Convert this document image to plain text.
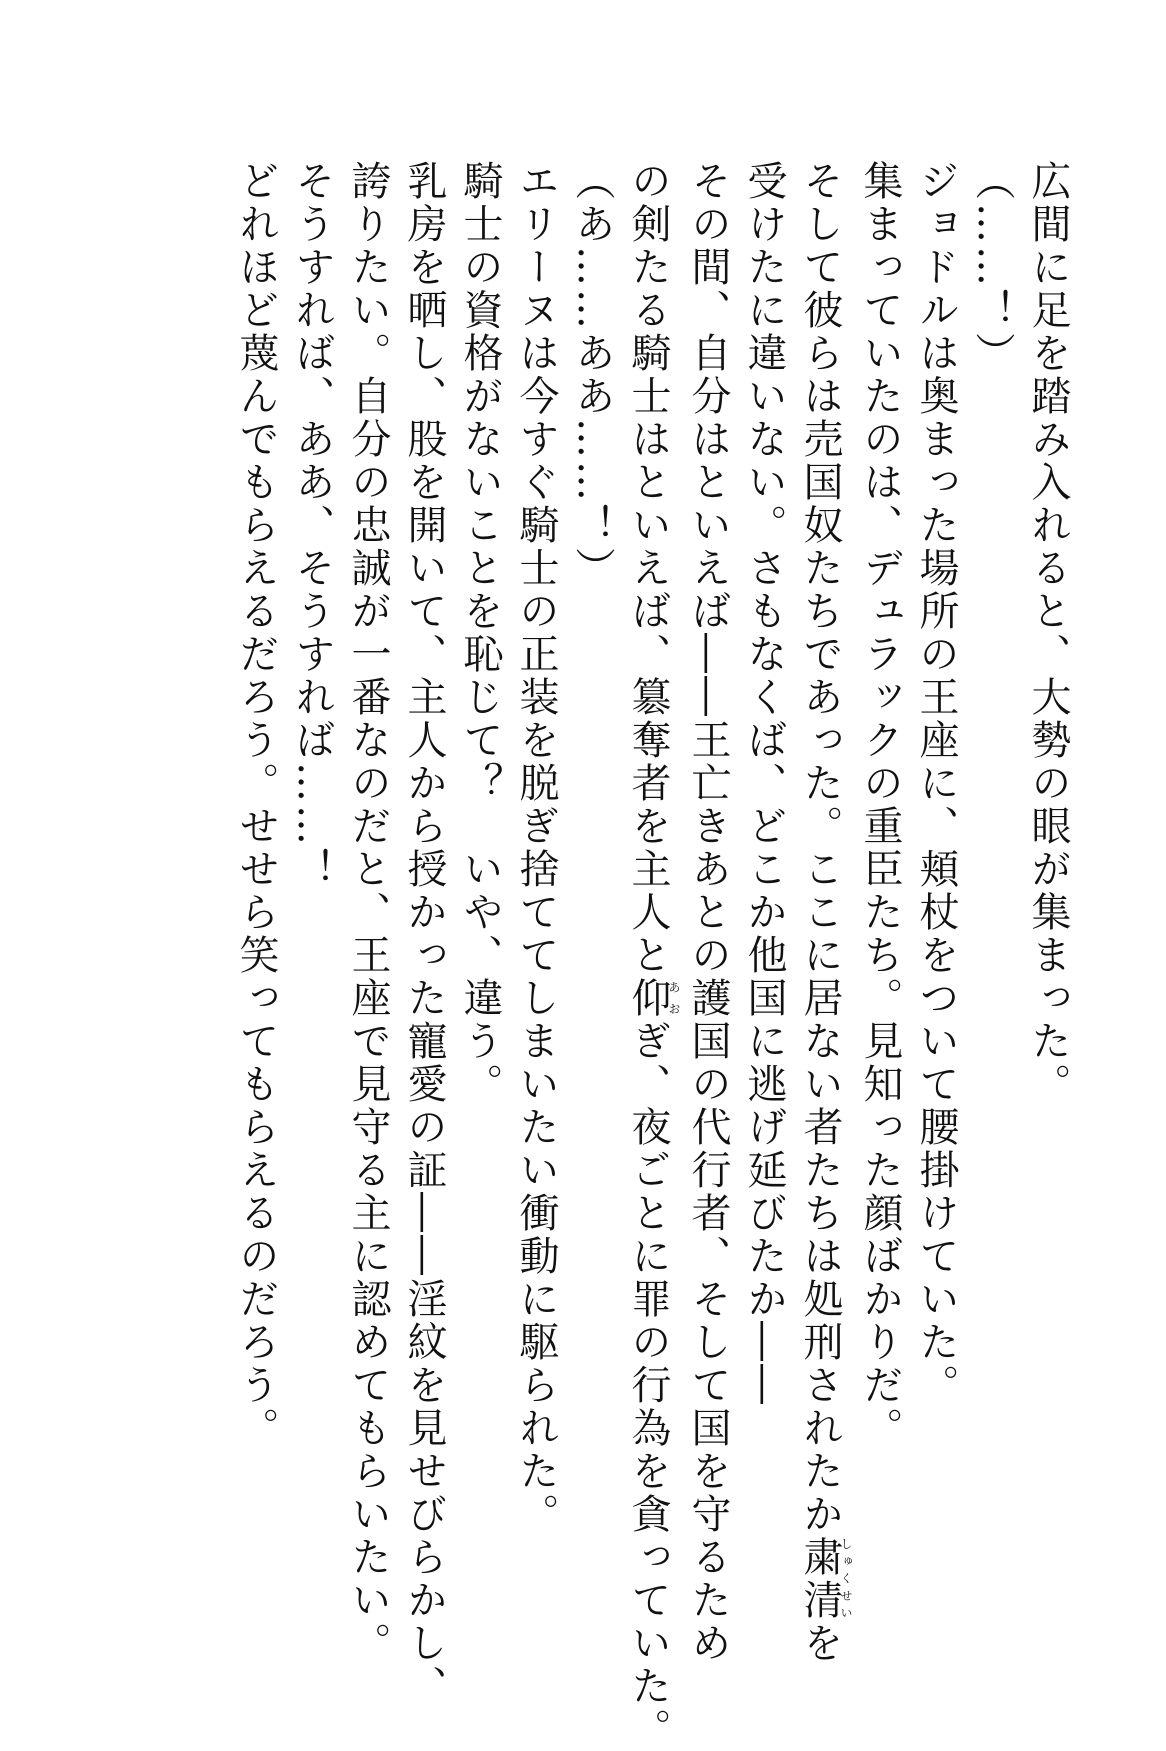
広間に足を踏み入れると、大勢の眼が集まった。

（……！）

ジョドルは奥まった場所の王座に、頬杖をついて腰掛けていた。

集まっていたのは、デュラックの重臣たち。見知った顔ばかりだ。

そして彼らは売国奴たちであった。ここに居ない者たちは処刑されたか粛清しゅくせいを

受けたに違いない。さもなくば、どこか他国に逃げ延びたか――

その間、自分はといえば――王亡きあとの護国の代行者、そして国を守るため

の剣たる騎士はといえば、簒奪者を主人と仰あおぎ、夜ごとに罪の行為を貪っていた。

（あ……ああ……！）

エリーヌは今すぐ騎士の正装を脱ぎ捨ててしまいたい衝動に駆られた。

騎士の資格がないことを恥じて？　いや、違う。

乳房を晒し、股を開いて、主人から授かった寵愛の証――淫紋を見せびらかし、

誇りたい。自分の忠誠が一番なのだと、王座で見守る主に認めてもらいたい。

そうすれば、ああ、そうすれば……！

どれほど蔑んでもらえるだろう。せせら笑ってもらえるのだろう。
